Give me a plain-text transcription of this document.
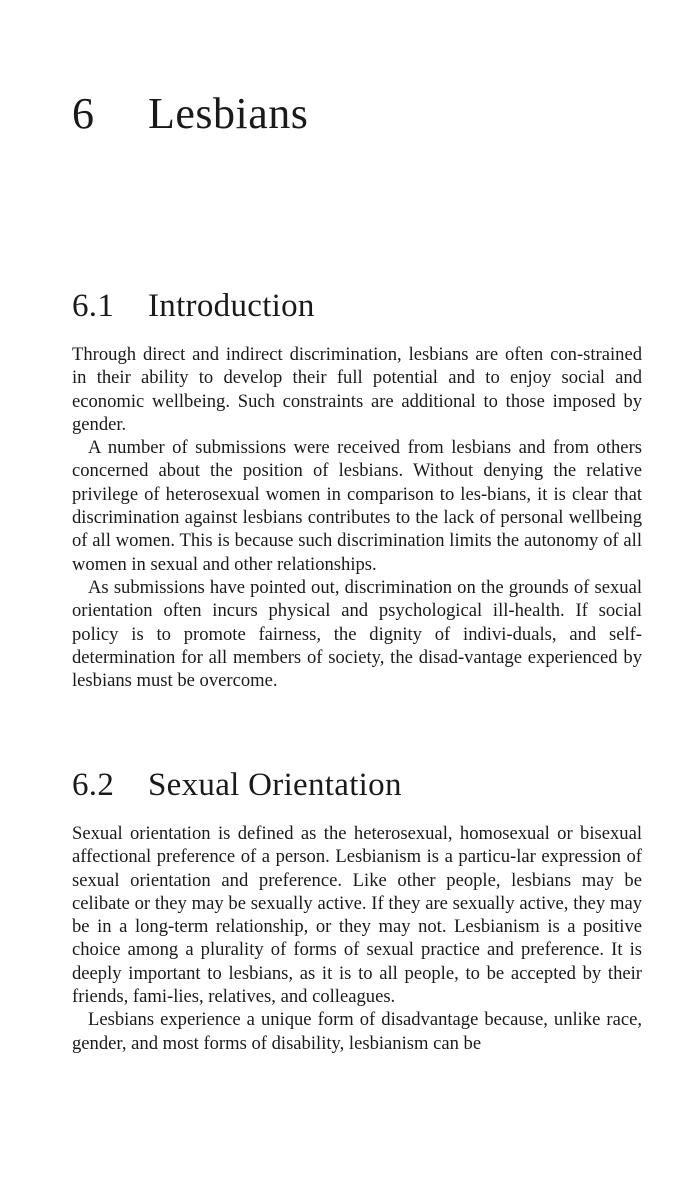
6 Lesbians
6.1 Introduction

Through direct and indirect discrimination, lesbians are often con-strained in their ability to develop their full potential and to enjoy social and economic wellbeing. Such constraints are additional to those imposed by gender.

A number of submissions were received from lesbians and from others concerned about the position of lesbians. Without denying the relative privilege of heterosexual women in comparison to les-bians, it is clear that discrimination against lesbians contributes to the lack of personal wellbeing of all women. This is because such discrimination limits the autonomy of all women in sexual and other relationships.

As submissions have pointed out, discrimination on the grounds of sexual orientation often incurs physical and psychological ill-health. If social policy is to promote fairness, the dignity of indivi-duals, and self-determination for all members of society, the disad-vantage experienced by lesbians must be overcome.

6.2 Sexual Orientation

Sexual orientation is defined as the heterosexual, homosexual or bisexual affectional preference of a person. Lesbianism is a particu-lar expression of sexual orientation and preference. Like other people, lesbians may be celibate or they may be sexually active. If they are sexually active, they may be in a long-term relationship, or they may not. Lesbianism is a positive choice among a plurality of forms of sexual practice and preference. It is deeply important to lesbians, as it is to all people, to be accepted by their friends, fami-lies, relatives, and colleagues.

Lesbians experience a unique form of disadvantage because, unlike race, gender, and most forms of disability, lesbianism can be
